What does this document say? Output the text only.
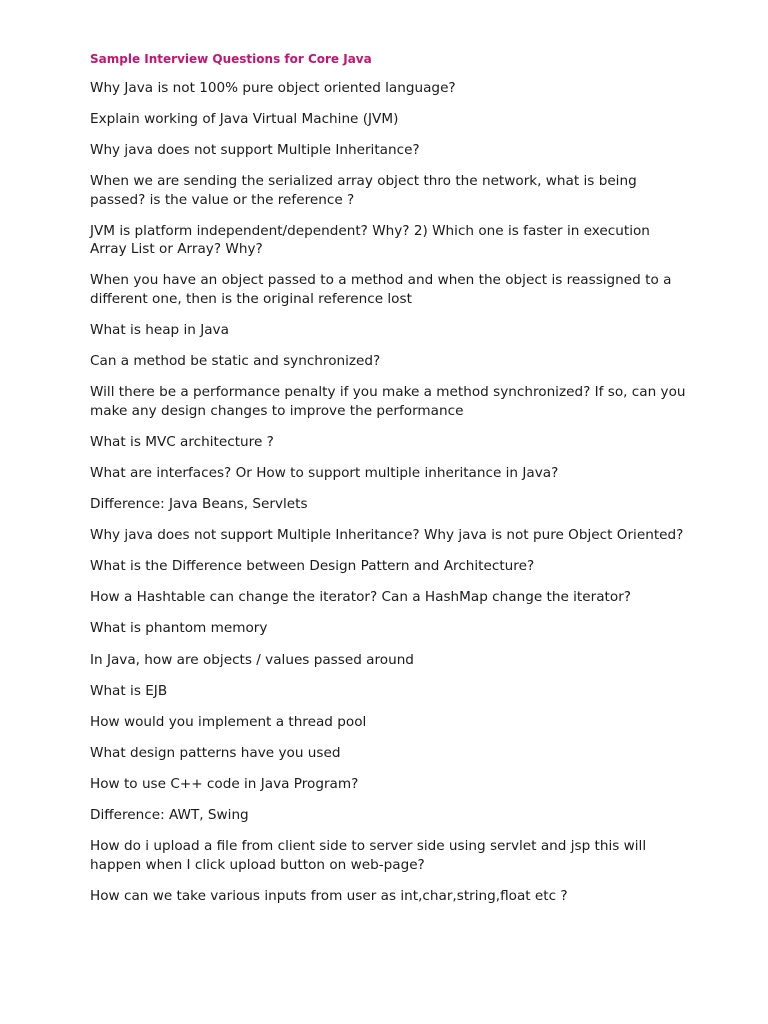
Sample Interview Questions for Core Java
Why Java is not 100% pure object oriented language?
Explain working of Java Virtual Machine (JVM)
Why java does not support Multiple Inheritance?
When we are sending the serialized array object thro the network, what is being passed? is the value or the reference ?
JVM is platform independent/dependent? Why? 2) Which one is faster in execution Array List or Array? Why?
When you have an object passed to a method and when the object is reassigned to a different one, then is the original reference lost
What is heap in Java
Can a method be static and synchronized?
Will there be a performance penalty if you make a method synchronized? If so, can you make any design changes to improve the performance
What is MVC architecture ?
What are interfaces? Or How to support multiple inheritance in Java?
Difference: Java Beans, Servlets
Why java does not support Multiple Inheritance? Why java is not pure Object Oriented?
What is the Difference between Design Pattern and Architecture?
How a Hashtable can change the iterator? Can a HashMap change the iterator?
What is phantom memory
In Java, how are objects / values passed around
What is EJB
How would you implement a thread pool
What design patterns have you used
How to use C++ code in Java Program?
Difference: AWT, Swing
How do i upload a file from client side to server side using servlet and jsp this will happen when I click upload button on web-page?
How can we take various inputs from user as int,char,string,float etc ?
